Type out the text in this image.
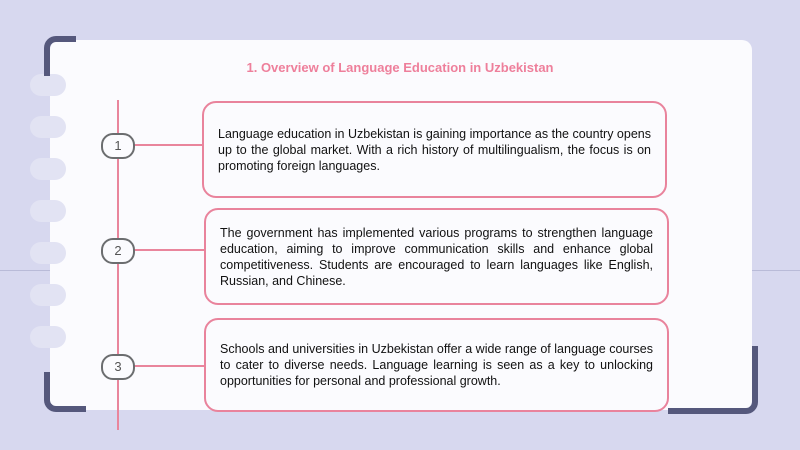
1. Overview of Language Education in Uzbekistan
1

Language education in Uzbekistan is gaining importance as the country opens up to the global market. With a rich history of multilingualism, the focus is on promoting foreign languages.

2

The government has implemented various programs to strengthen language education, aiming to improve communication skills and enhance global competitiveness. Students are encouraged to learn languages like English, Russian, and Chinese.

3

Schools and universities in Uzbekistan offer a wide range of language courses to cater to diverse needs. Language learning is seen as a key to unlocking opportunities for personal and professional growth.
